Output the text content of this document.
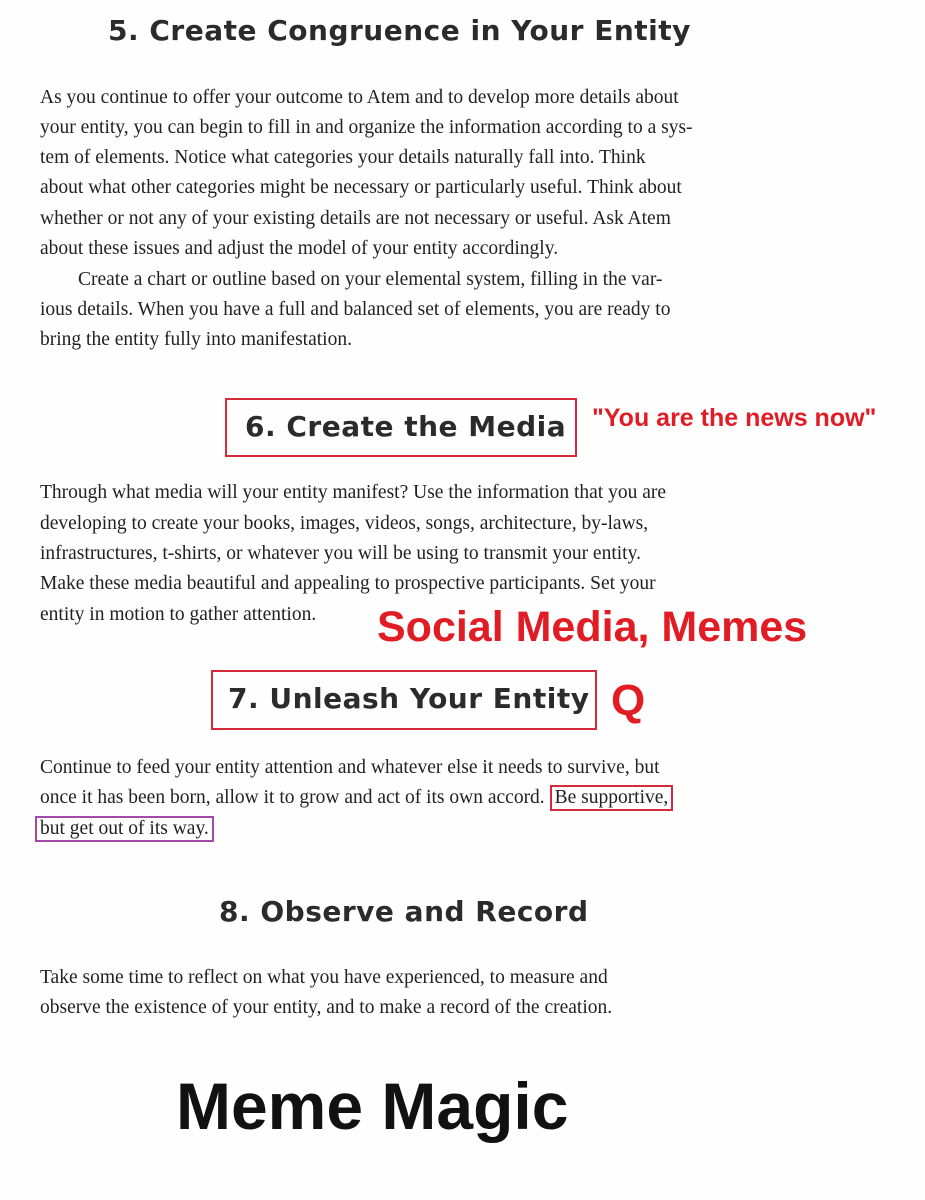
5. Create Congruence in Your Entity

As you continue to offer your outcome to Atem and to develop more details about

your entity, you can begin to fill in and organize the information according to a sys-

tem of elements. Notice what categories your details naturally fall into. Think

about what other categories might be necessary or particularly useful. Think about

whether or not any of your existing details are not necessary or useful. Ask Atem

about these issues and adjust the model of your entity accordingly.

Create a chart or outline based on your elemental system, filling in the var-

ious details. When you have a full and balanced set of elements, you are ready to

bring the entity fully into manifestation.

6. Create the Media "You are the news now"

Through what media will your entity manifest? Use the information that you are

developing to create your books, images, videos, songs, architecture, by-laws,

infrastructures, t-shirts, or whatever you will be using to transmit your entity.

Make these media beautiful and appealing to prospective participants. Set your

entity in motion to gather attention. Social Media, Memes

7. Unleash Your Entity Q

Continue to feed your entity attention and whatever else it needs to survive, but

once it has been born, allow it to grow and act of its own accord. Be supportive,

but get out of its way.

8. Observe and Record

Take some time to reflect on what you have experienced, to measure and

observe the existence of your entity, and to make a record of the creation.

Meme Magic
